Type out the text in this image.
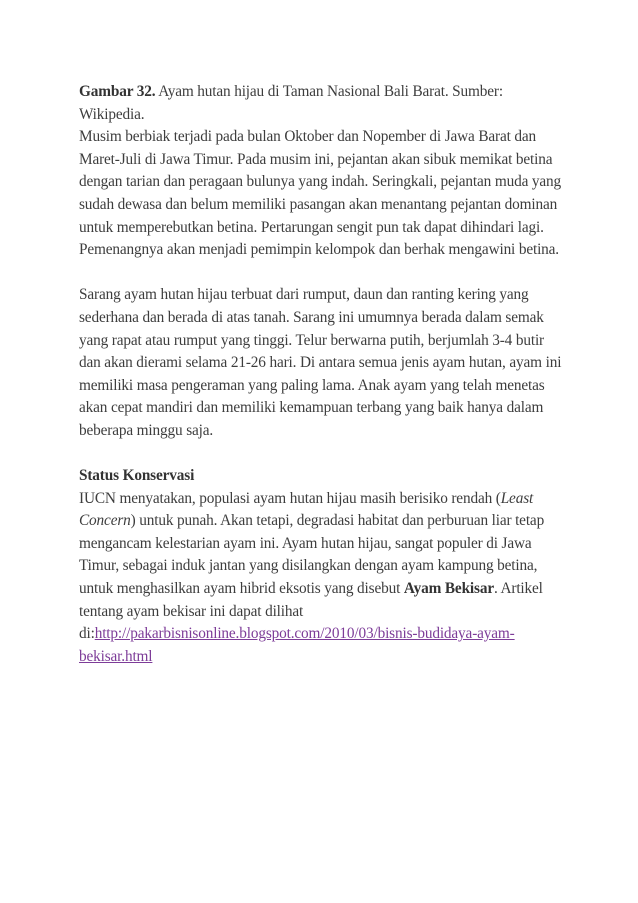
Gambar 32. Ayam hutan hijau di Taman Nasional Bali Barat. Sumber: Wikipedia.

Musim berbiak terjadi pada bulan Oktober dan Nopember di Jawa Barat dan Maret-Juli di Jawa Timur. Pada musim ini, pejantan akan sibuk memikat betina dengan tarian dan peragaan bulunya yang indah. Seringkali, pejantan muda yang sudah dewasa dan belum memiliki pasangan akan menantang pejantan dominan untuk memperebutkan betina. Pertarungan sengit pun tak dapat dihindari lagi. Pemenangnya akan menjadi pemimpin kelompok dan berhak mengawini betina.

Sarang ayam hutan hijau terbuat dari rumput, daun dan ranting kering yang sederhana dan berada di atas tanah. Sarang ini umumnya berada dalam semak yang rapat atau rumput yang tinggi. Telur berwarna putih, berjumlah 3-4 butir dan akan dierami selama 21-26 hari. Di antara semua jenis ayam hutan, ayam ini memiliki masa pengeraman yang paling lama. Anak ayam yang telah menetas akan cepat mandiri dan memiliki kemampuan terbang yang baik hanya dalam beberapa minggu saja.

Status Konservasi
IUCN menyatakan, populasi ayam hutan hijau masih berisiko rendah (Least Concern) untuk punah. Akan tetapi, degradasi habitat dan perburuan liar tetap mengancam kelestarian ayam ini. Ayam hutan hijau, sangat populer di Jawa Timur, sebagai induk jantan yang disilangkan dengan ayam kampung betina, untuk menghasilkan ayam hibrid eksotis yang disebut Ayam Bekisar. Artikel tentang ayam bekisar ini dapat dilihat di:http://pakarbisnisonline.blogspot.com/2010/03/bisnis-budidaya-ayam-bekisar.html
